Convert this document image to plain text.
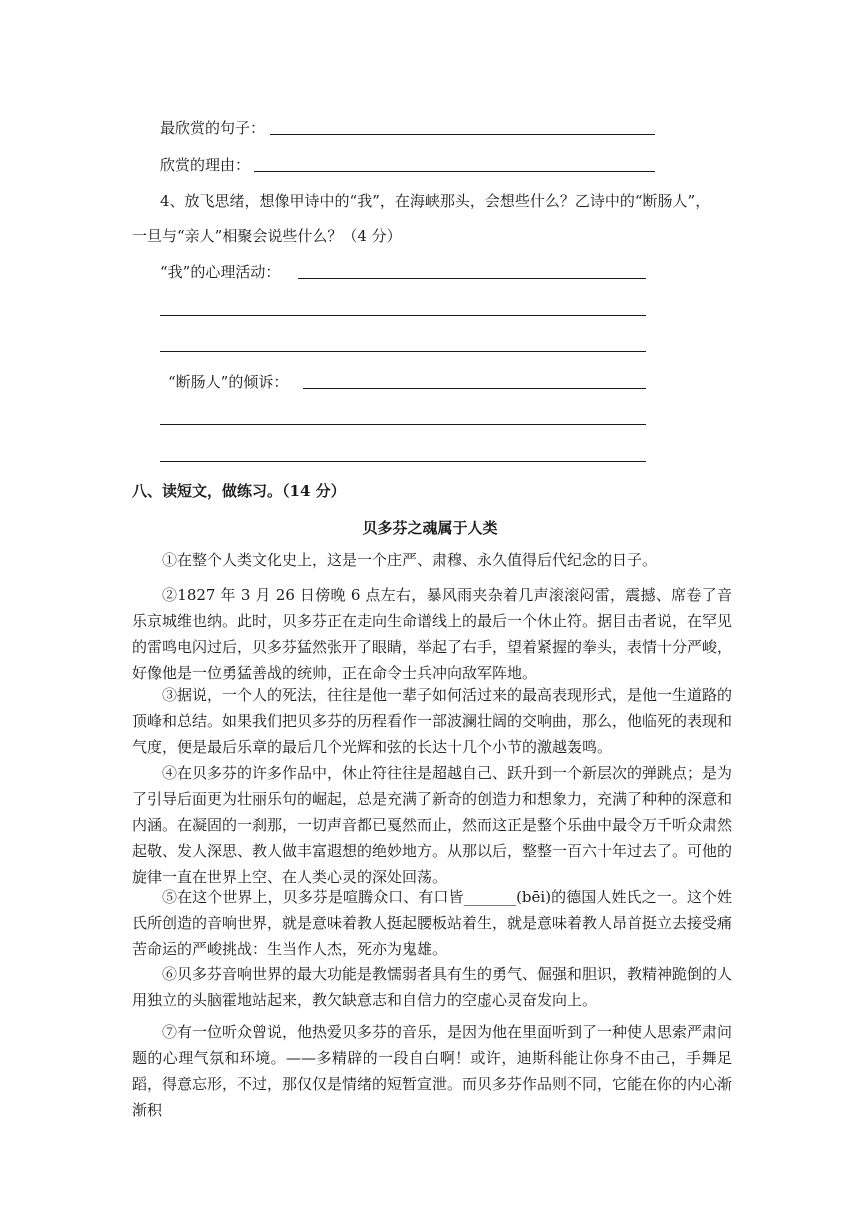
最欣赏的句子：
欣赏的理由：
4、放飞思绪，想像甲诗中的“我”，在海峡那头，会想些什么？乙诗中的“断肠人”，
一旦与“亲人”相聚会说些什么？（4 分）
“我”的心理活动：
“断肠人”的倾诉：
八、读短文，做练习。（14 分）
贝多芬之魂属于人类
①在整个人类文化史上，这是一个庄严、肃穆、永久值得后代纪念的日子。
②1827 年 3 月 26 日傍晚 6 点左右，暴风雨夹杂着几声滚滚闷雷，震撼、席卷了音乐京城维也纳。此时，贝多芬正在走向生命谱线上的最后一个休止符。据目击者说，在罕见的雷鸣电闪过后，贝多芬猛然张开了眼睛，举起了右手，望着紧握的拳头，表情十分严峻，好像他是一位勇猛善战的统帅，正在命令士兵冲向敌军阵地。
③据说，一个人的死法，往往是他一辈子如何活过来的最高表现形式，是他一生道路的顶峰和总结。如果我们把贝多芬的历程看作一部波澜壮阔的交响曲，那么，他临死的表现和气度，便是最后乐章的最后几个光辉和弦的长达十几个小节的激越轰鸣。
④在贝多芬的许多作品中，休止符往往是超越自己、跃升到一个新层次的弹跳点；是为了引导后面更为壮丽乐句的崛起，总是充满了新奇的创造力和想象力，充满了种种的深意和内涵。在凝固的一刹那，一切声音都已戛然而止，然而这正是整个乐曲中最令万千听众肃然起敬、发人深思、教人做丰富遐想的绝妙地方。从那以后，整整一百六十年过去了。可他的旋律一直在世界上空、在人类心灵的深处回荡。
⑤在这个世界上，贝多芬是喧腾众口、有口皆_______(bēi)的德国人姓氏之一。这个姓氏所创造的音响世界，就是意味着教人挺起腰板站着生，就是意味着教人昂首挺立去接受痛苦命运的严峻挑战：生当作人杰，死亦为鬼雄。
⑥贝多芬音响世界的最大功能是教懦弱者具有生的勇气、倔强和胆识，教精神跪倒的人用独立的头脑霍地站起来，教欠缺意志和自信力的空虚心灵奋发向上。
⑦有一位听众曾说，他热爱贝多芬的音乐，是因为他在里面听到了一种使人思索严肃问题的心理气氛和环境。——多精辟的一段自白啊！或许，迪斯科能让你身不由己，手舞足蹈，得意忘形，不过，那仅仅是情绪的短暂宣泄。而贝多芬作品则不同，它能在你的内心渐渐积
